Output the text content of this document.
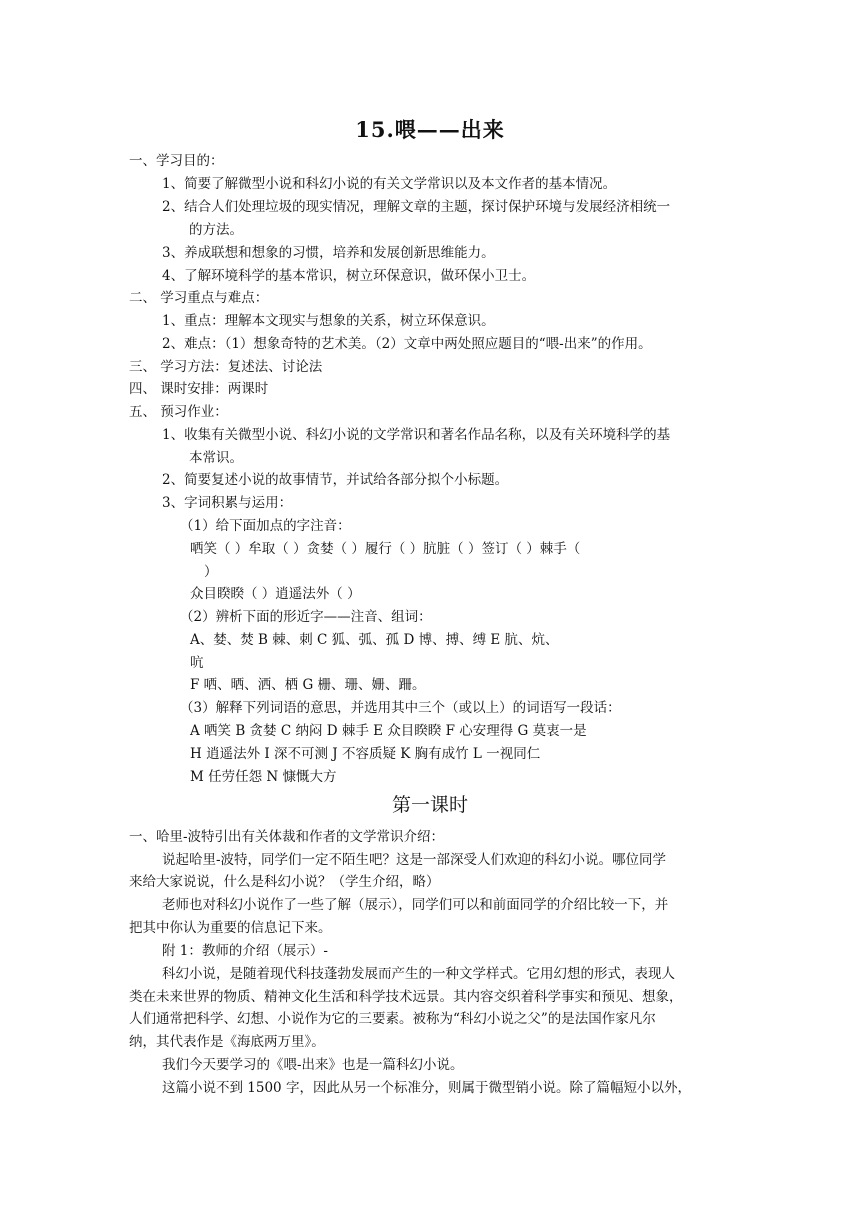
15.喂——出来
一、学习目的：
1、简要了解微型小说和科幻小说的有关文学常识以及本文作者的基本情况。
2、结合人们处理垃圾的现实情况，理解文章的主题，探讨保护环境与发展经济相统一
的方法。
3、养成联想和想象的习惯，培养和发展创新思维能力。
4、了解环境科学的基本常识，树立环保意识，做环保小卫士。
二、 学习重点与难点：
1、重点：理解本文现实与想象的关系，树立环保意识。
2、难点：（1）想象奇特的艺术美。（2）文章中两处照应题目的“喂-出来”的作用。
三、 学习方法：复述法、讨论法
四、 课时安排：两课时
五、 预习作业：
1、收集有关微型小说、科幻小说的文学常识和著名作品名称，以及有关环境科学的基
本常识。
2、简要复述小说的故事情节，并试给各部分拟个小标题。
3、字词积累与运用：
（1）给下面加点的字注音：
哂笑（ ）牟取（ ）贪婪（ ）履行（ ）肮脏（ ）签订（ ）棘手（
）
众目睽睽（ ）逍遥法外（ ）
（2）辨析下面的形近字——注音、组词：
A、婪、焚 B 棘、刺 C 狐、弧、孤 D 博、搏、缚 E 肮、炕、
吭
F 哂、晒、洒、栖 G 栅、珊、姗、跚。
（3）解释下列词语的意思，并选用其中三个（或以上）的词语写一段话：
A 哂笑 B 贪婪 C 纳闷 D 棘手 E 众目睽睽 F 心安理得 G 莫衷一是
H 逍遥法外 I 深不可测 J 不容质疑 K 胸有成竹 L 一视同仁
M 任劳任怨 N 慷慨大方
第一课时
一、哈里-波特引出有关体裁和作者的文学常识介绍：
说起哈里-波特，同学们一定不陌生吧？这是一部深受人们欢迎的科幻小说。哪位同学
来给大家说说，什么是科幻小说？（学生介绍，略）
老师也对科幻小说作了一些了解（展示），同学们可以和前面同学的介绍比较一下，并
把其中你认为重要的信息记下来。
附 1：教师的介绍（展示）-
科幻小说，是随着现代科技蓬勃发展而产生的一种文学样式。它用幻想的形式，表现人
类在未来世界的物质、精神文化生活和科学技术远景。其内容交织着科学事实和预见、想象，
人们通常把科学、幻想、小说作为它的三要素。被称为“科幻小说之父”的是法国作家凡尔
纳，其代表作是《海底两万里》。
我们今天要学习的《喂-出来》也是一篇科幻小说。
这篇小说不到 1500 字，因此从另一个标准分，则属于微型销小说。除了篇幅短小以外，
